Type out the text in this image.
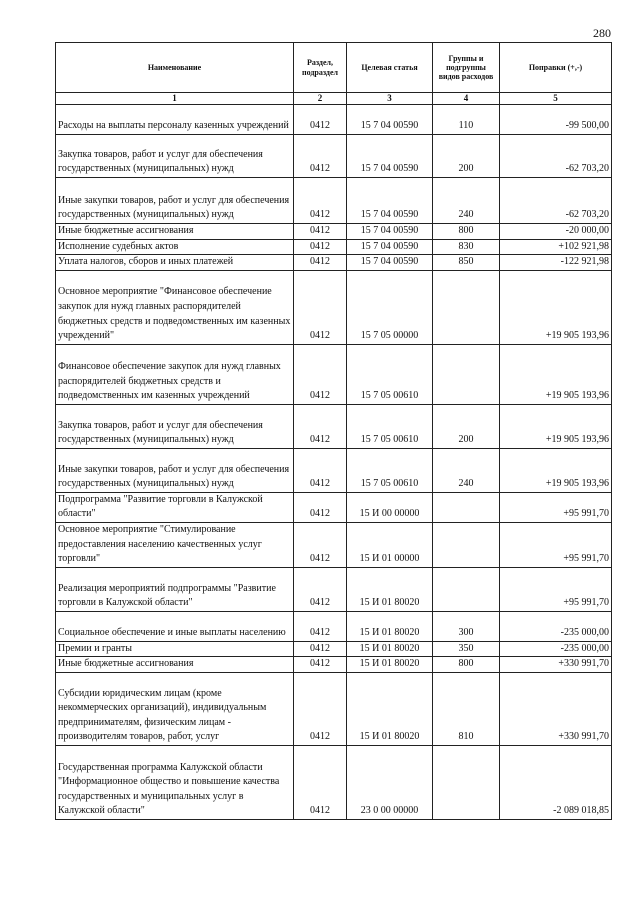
280
Наименование	Раздел, подраздел	Целевая статья	Группы и подгруппы видов расходов	Поправки (+,-)
1	2	3	4	5
Расходы на выплаты персоналу казенных учреждений	0412	15 7 04 00590	110	-99 500,00
Закупка товаров, работ и услуг для обеспечения государственных (муниципальных) нужд	0412	15 7 04 00590	200	-62 703,20
Иные закупки товаров, работ и услуг для обеспечения государственных (муниципальных) нужд	0412	15 7 04 00590	240	-62 703,20
Иные бюджетные ассигнования	0412	15 7 04 00590	800	-20 000,00
Исполнение судебных актов	0412	15 7 04 00590	830	+102 921,98
Уплата налогов, сборов и иных платежей	0412	15 7 04 00590	850	-122 921,98
Основное мероприятие "Финансовое обеспечение закупок для нужд главных распорядителей бюджетных средств и подведомственных им казенных учреждений"	0412	15 7 05 00000		+19 905 193,96
Финансовое обеспечение закупок для нужд главных распорядителей бюджетных средств и подведомственных им казенных учреждений	0412	15 7 05 00610		+19 905 193,96
Закупка товаров, работ и услуг для обеспечения государственных (муниципальных) нужд	0412	15 7 05 00610	200	+19 905 193,96
Иные закупки товаров, работ и услуг для обеспечения государственных (муниципальных) нужд	0412	15 7 05 00610	240	+19 905 193,96
Подпрограмма "Развитие торговли в Калужской области"	0412	15 И 00 00000		+95 991,70
Основное мероприятие "Стимулирование предоставления населению качественных услуг торговли"	0412	15 И 01 00000		+95 991,70
Реализация мероприятий подпрограммы "Развитие торговли в Калужской области"	0412	15 И 01 80020		+95 991,70
Социальное обеспечение и иные выплаты населению	0412	15 И 01 80020	300	-235 000,00
Премии и гранты	0412	15 И 01 80020	350	-235 000,00
Иные бюджетные ассигнования	0412	15 И 01 80020	800	+330 991,70
Субсидии юридическим лицам (кроме некоммерческих организаций), индивидуальным предпринимателям, физическим лицам - производителям товаров, работ, услуг	0412	15 И 01 80020	810	+330 991,70
Государственная программа Калужской области "Информационное общество и повышение качества государственных и муниципальных услуг в Калужской области"	0412	23 0 00 00000		-2 089 018,85
